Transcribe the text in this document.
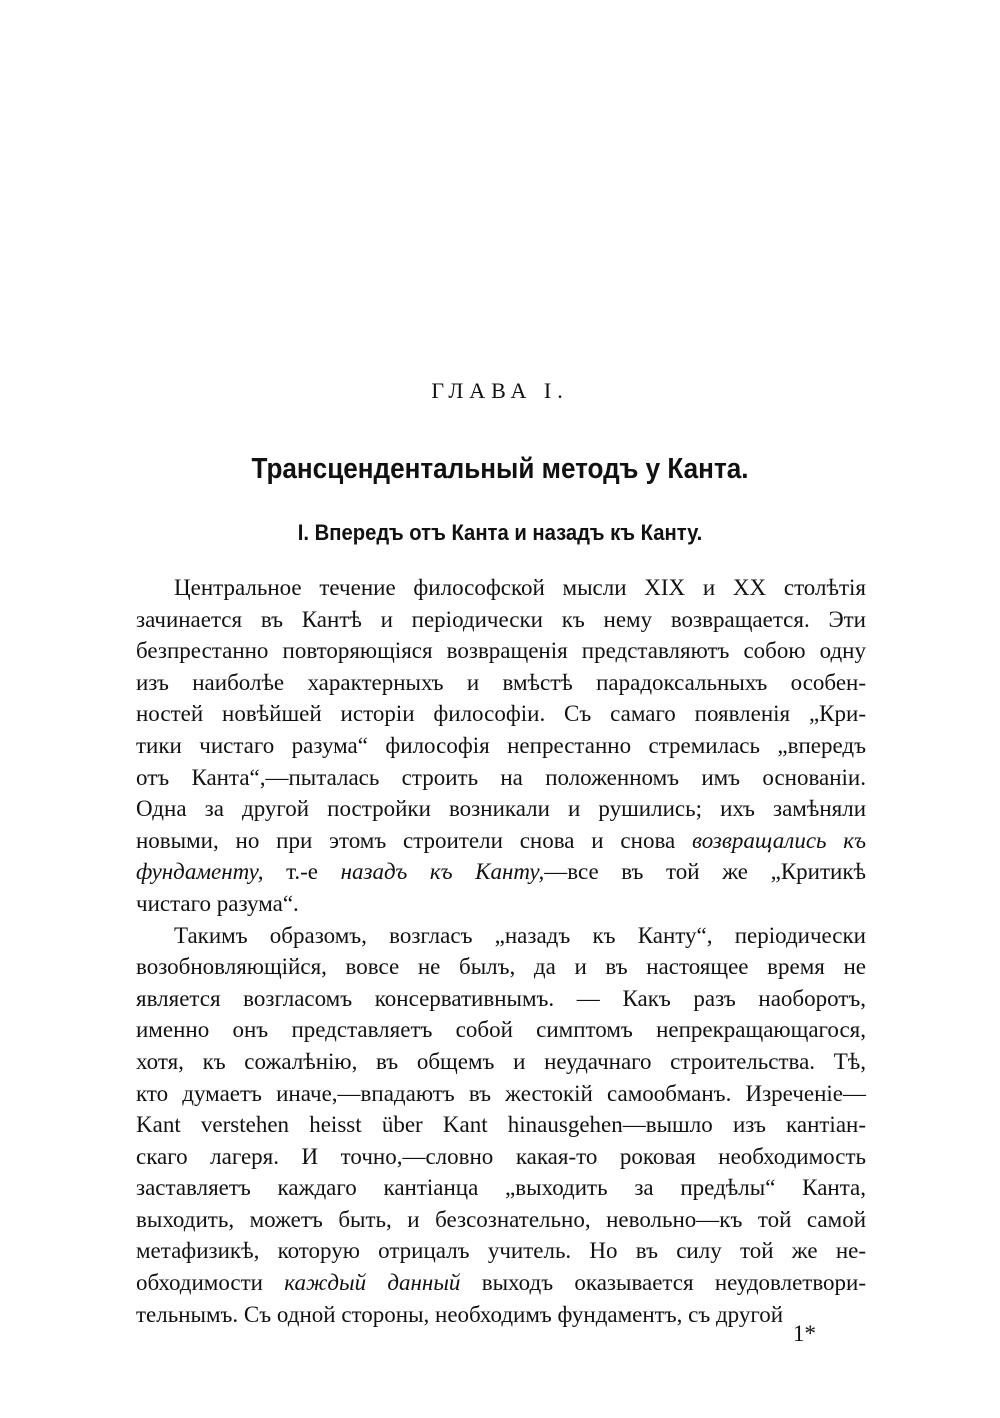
ГЛАВА I.
Трансцендентальный методъ у Канта.
I. Впередъ отъ Канта и назадъ къ Канту.
Центральное течение философской мысли XIX и XX столѣтія
зачинается въ Кантѣ и періодически къ нему возвращается. Эти
безпрестанно повторяющіяся возвращенія представляютъ собою одну
изъ наиболѣе характерныхъ и вмѣстѣ парадоксальныхъ особен-
ностей новѣйшей исторіи философіи. Съ самаго появленія „Кри-
тики чистаго разума“ философія непрестанно стремилась „впередъ
отъ Канта“,—пыталась строить на положенномъ имъ основаніи.
Одна за другой постройки возникали и рушились; ихъ замѣняли
новыми, но при этомъ строители снова и снова возвращались къ
фундаменту, т.-е назадъ къ Канту,—все въ той же „Критикѣ
чистаго разума“.
Такимъ образомъ, возгласъ „назадъ къ Канту“, періодически
возобновляющійся, вовсе не былъ, да и въ настоящее время не
является возгласомъ консервативнымъ. — Какъ разъ наоборотъ,
именно онъ представляетъ собой симптомъ непрекращающагося,
хотя, къ сожалѣнію, въ общемъ и неудачнаго строительства. Тѣ,
кто думаетъ иначе,—впадаютъ въ жестокій самообманъ. Изреченіе—
Kant verstehen heisst über Kant hinausgehen—вышло изъ кантіан-
скаго лагеря. И точно,—словно какая-то роковая необходимость
заставляетъ каждаго кантіанца „выходить за предѣлы“ Канта,
выходить, можетъ быть, и безсознательно, невольно—къ той самой
метафизикѣ, которую отрицалъ учитель. Но въ силу той же не-
обходимости каждый данный выходъ оказывается неудовлетвори-
тельнымъ. Съ одной стороны, необходимъ фундаментъ, съ другой
1*
